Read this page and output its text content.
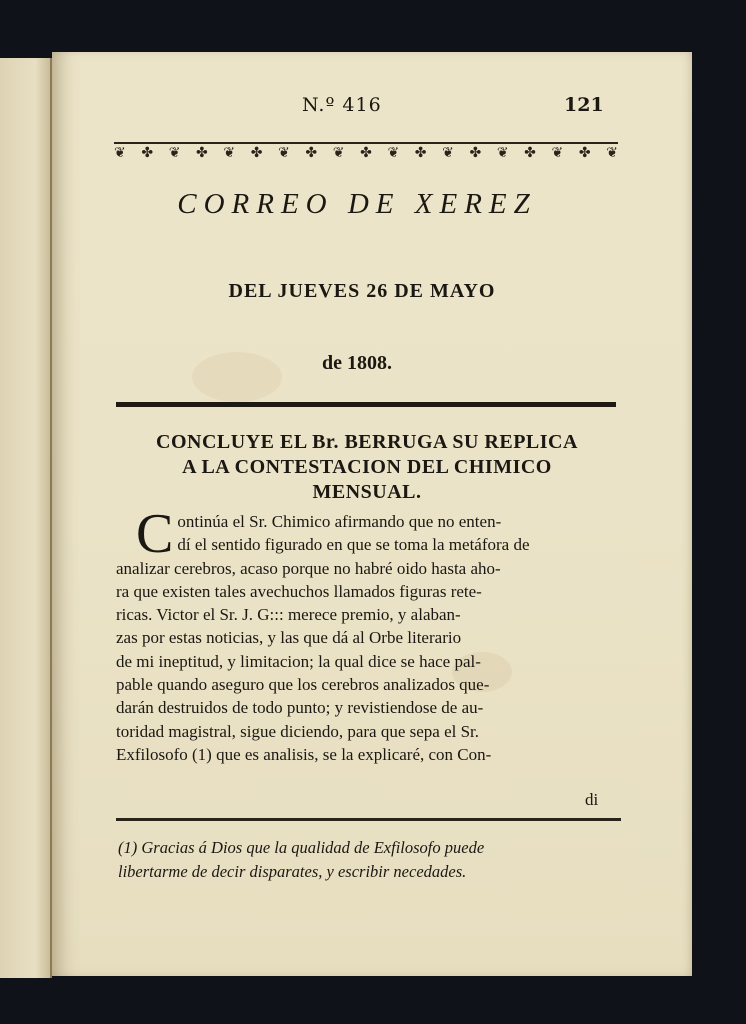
N.º 416	121
❦ ✤ ❦ ✤ ❦ ✤ ❦ ✤ ❦ ✤ ❦ ✤ ❦ ✤ ❦ ✤ ❦ ✤ ❦
CORREO DE XEREZ
DEL JUEVES 26 DE MAYO
de 1808.
CONCLUYE EL Br. BERRUGA SU REPLICA
A LA CONTESTACION DEL CHIMICO
MENSUAL.
C ontinúa el Sr. Chimico afirmando que no enten-
dí el sentido figurado en que se toma la metáfora de
analizar cerebros, acaso porque no habré oido hasta aho-
ra que existen tales avechuchos llamados figuras rete-
ricas. Victor el Sr. J. G::: merece premio, y alaban-
zas por estas noticias, y las que dá al Orbe literario
de mi ineptitud, y limitacion; la qual dice se hace pal-
pable quando aseguro que los cerebros analizados que-
darán destruidos de todo punto; y revistiendose de au-
toridad magistral, sigue diciendo, para que sepa el Sr.
Exfilosofo (1) que es analisis, se la explicaré, con Con-
di
(1) Gracias á Dios que la qualidad de Exfilosofo puede
libertarme de decir disparates, y escribir necedades.
